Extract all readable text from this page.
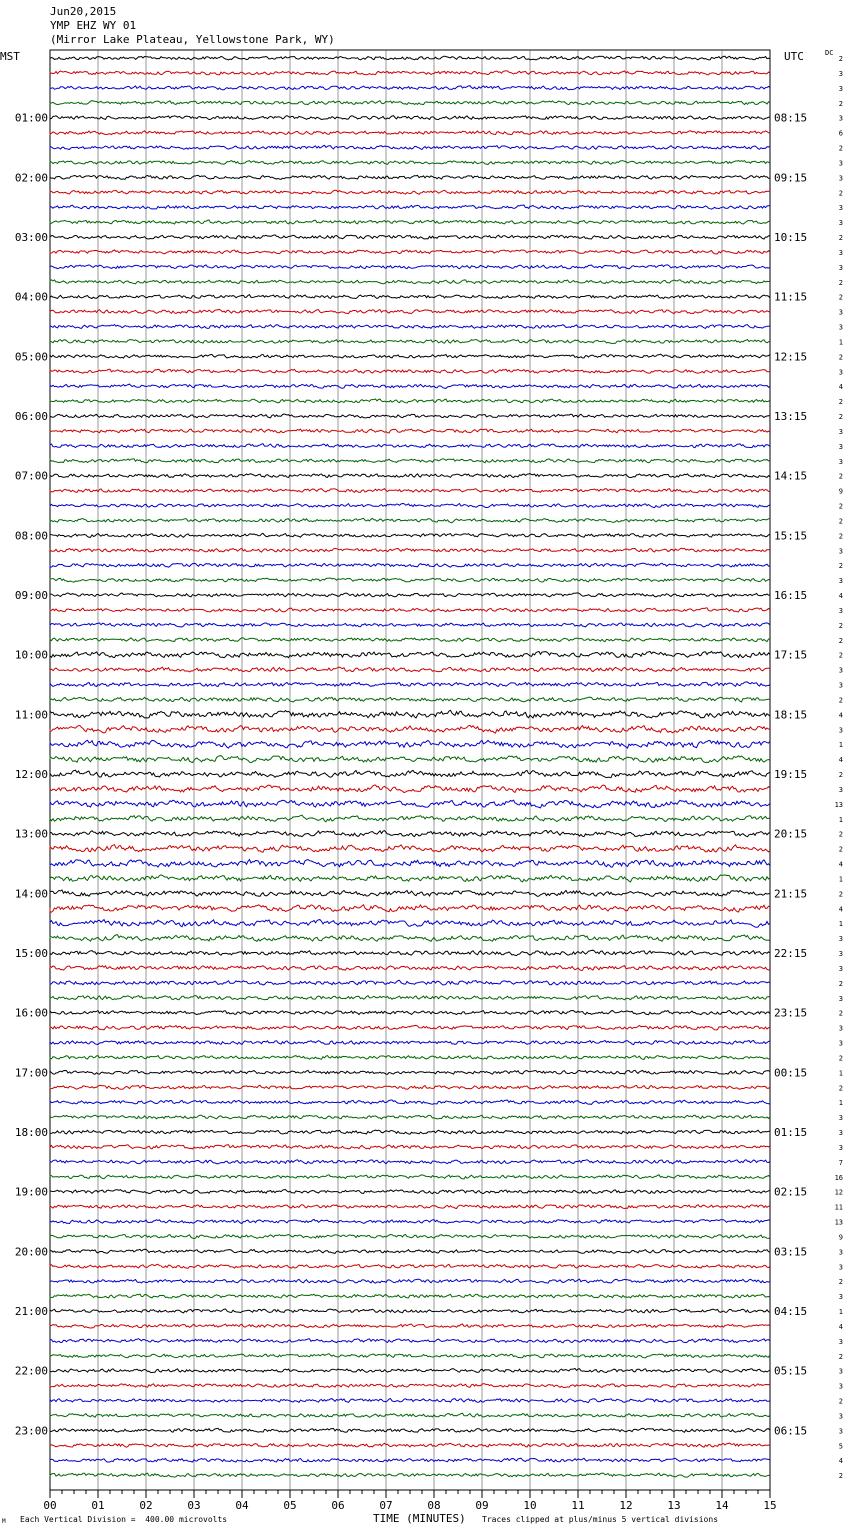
Jun20,2015
YMP EHZ WY 01
(Mirror Lake Plateau, Yellowstone Park, WY)
MST	UTC	DC
2
3
3
2
3
6
2
3
3
2
3
3
2
3
3
2
2
3
3
1
2
3
4
2
2
3
3
3
2
9
2
2
2
3
2
3
4
3
2
2
2
3
3
2
4
3
1
4
2
3
13
1
2
2
4
1
2
4
1
3
3
3
2
3
2
3
3
2
1
2
1
3
3
3
7
16
12
11
13
9
3
3
2
3
1
4
3
2
3
3
2
3
3
5
4
2
01:00
02:00
03:00
04:00
05:00
06:00
07:00
08:00
09:00
10:00
11:00
12:00
13:00
14:00
15:00
16:00
17:00
18:00
19:00
20:00
21:00
22:00
23:00
08:15
09:15
10:15
11:15
12:15
13:15
14:15
15:15
16:15
17:15
18:15
19:15
20:15
21:15
22:15
23:15
00:15
01:15
02:15
03:15
04:15
05:15
06:15
00	01	02	03	04	05	06	07	08	09	10	11	12	13	14	15
M Each Vertical Division =  400.00 microvolts	TIME (MINUTES) Traces clipped at plus/minus 5 vertical divisions
